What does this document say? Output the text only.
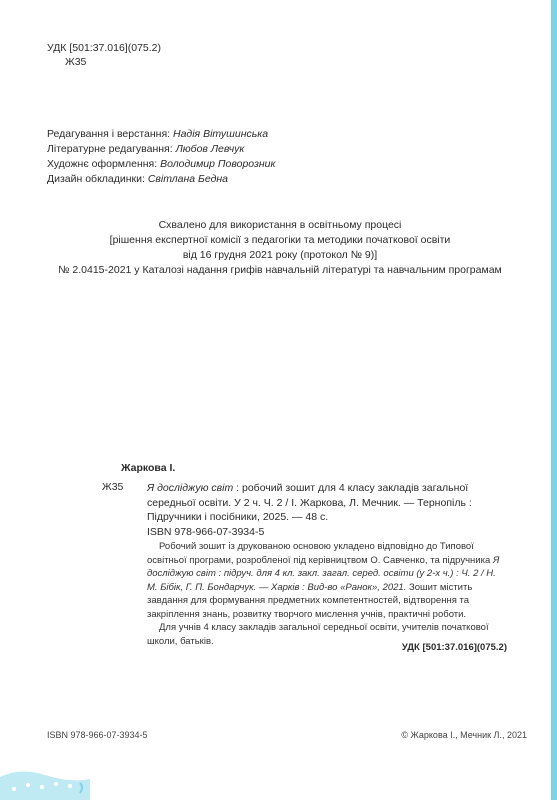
УДК [501:37.016](075.2)
Ж35
Редагування і верстання: Надія Вітушинська
Літературне редагування: Любов Левчук
Художнє оформлення: Володимир Поворозник
Дизайн обкладинки: Світлана Бедна
Схвалено для використання в освітньому процесі
[рішення експертної комісії з педагогіки та методики початкової освіти
від 16 грудня 2021 року (протокол № 9)]
№ 2.0415-2021 у Каталозі надання грифів навчальній літературі та навчальним програмам
Жаркова І.
Ж35 Я досліджую світ : робочий зошит для 4 класу закладів загальної середньої освіти. У 2 ч. Ч. 2 / І. Жаркова, Л. Мечник. — Тернопіль : Підручники і посібники, 2025. — 48 с.
ISBN 978-966-07-3934-5

Робочий зошит із друкованою основою укладено відповідно до Типової освітньої програми, розробленої під керівництвом О. Савченко, та підручника Я досліджую світ : підруч. для 4 кл. закл. загал. серед. освіти (у 2-х ч.) : Ч. 2 / Н. М. Бібік, Г. П. Бондарчук. — Харків : Вид-во «Ранок», 2021. Зошит містить завдання для формування предметних компетентностей, відтворення та закріплення знань, розвитку творчого мислення учнів, практичні роботи.

Для учнів 4 класу закладів загальної середньої освіти, учителів початкової школи, батьків.

УДК [501:37.016](075.2)
ISBN 978-966-07-3934-5	© Жаркова І., Мечник Л., 2021
